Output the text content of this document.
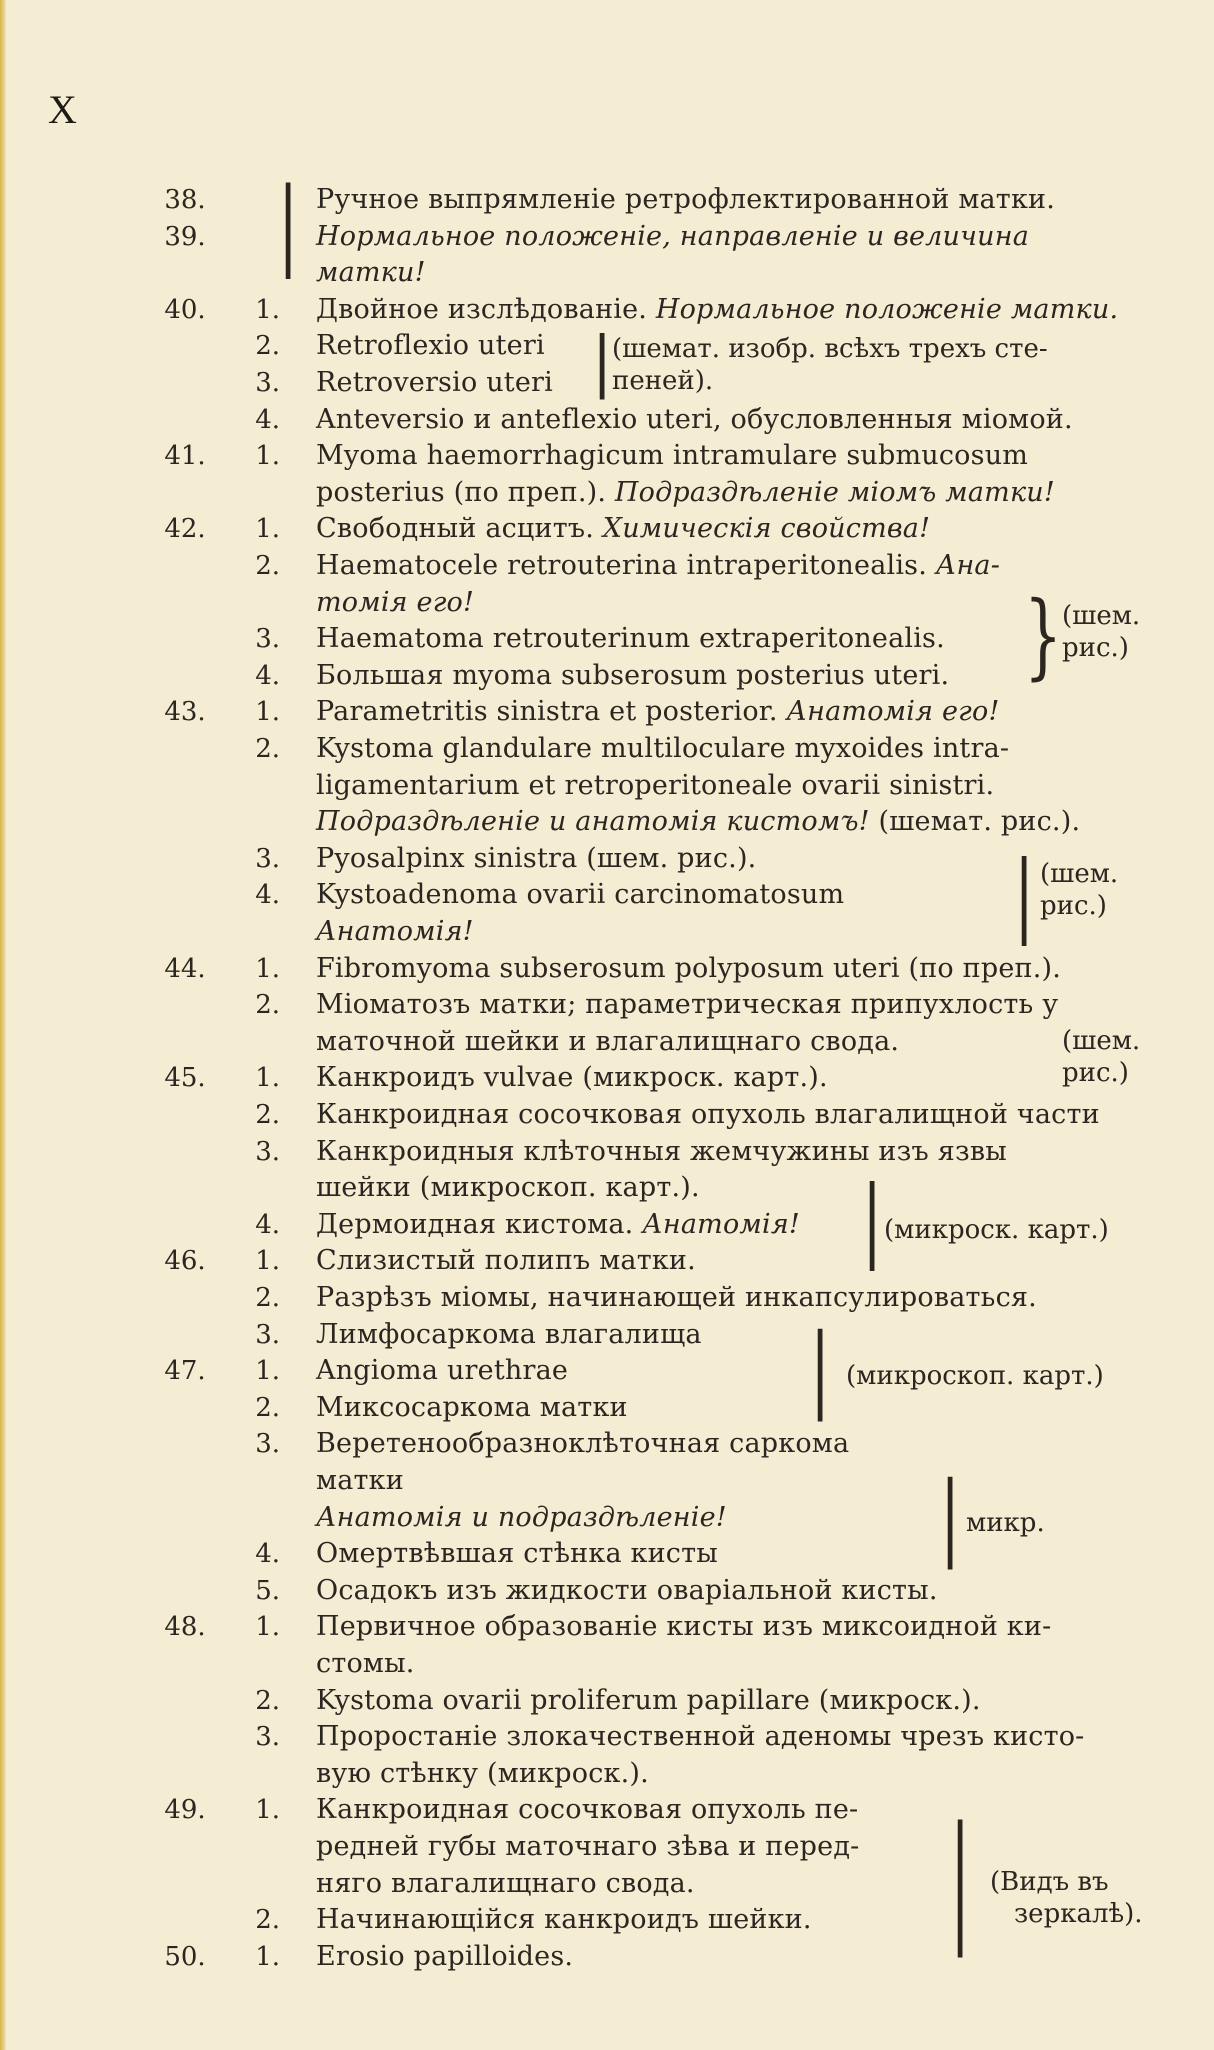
X
38.	Ручное выпрямленіе ретрофлектированной матки.
39.	Нормальное положеніе, направленіе и величина
матки!
40.	1. Двойное изслѣдованіе. Нормальное положеніе матки.
2. Retroflexio uteri
3. Retroversio uteri
4. Anteversio и anteflexio uteri, обусловленныя міомой.
41.	1. Myoma haemorrhagicum intramulare submucosum
posterius (по преп.). Подраздѣленіе міомъ матки!
42.	1. Свободный асцитъ. Химическія свойства!
2. Haematocele retrouterina intraperitonealis. Ана-
томія его!
3. Haematoma retrouterinum extraperitonealis.
4. Большая myoma subserosum posterius uteri.
43.	1. Parametritis sinistra et posterior. Анатомія его!
2. Kystoma glandulare multiloculare myxoides intra-
ligamentarium et retroperitoneale ovarii sinistri.
Подраздѣленіе и анатомія кистомъ! (шемат. рис.).
3. Pyosalpinx sinistra (шем. рис.).
4. Kystoadenoma ovarii carcinomatosum
Анатомія!
44.	1. Fibromyoma subserosum polyposum uteri (по преп.).
2. Міоматозъ матки; параметрическая припухлость у
маточной шейки и влагалищнаго свода.
45.	1. Канкроидъ vulvae (микроск. карт.).
2. Канкроидная сосочковая опухоль влагалищной части
3. Канкроидныя клѣточныя жемчужины изъ язвы
шейки (микроскоп. карт.).
4. Дермоидная кистома. Анатомія!
46.	1. Слизистый полипъ матки.
2. Разрѣзъ міомы, начинающей инкапсулироваться.
3. Лимфосаркома влагалища
47.	1. Angioma urethrae
2. Миксосаркома матки
3. Веретенообразноклѣточная саркома
матки
Анатомія и подраздѣленіе!
4. Омертвѣвшая стѣнка кисты
5. Осадокъ изъ жидкости оваріальной кисты.
48.	1. Первичное образованіе кисты изъ миксоидной ки-
стомы.
2. Kystoma ovarii proliferum papillare (микроск.).
3. Проростаніе злокачественной аденомы чрезъ кисто-
вую стѣнку (микроск.).
49.	1. Канкроидная сосочковая опухоль пе-
редней губы маточнаго зѣва и перед-
няго влагалищнаго свода.
2. Начинающійся канкроидъ шейки.
50.	1. Erosio papilloides.
|
|
}
|
|
|
|
|
(шемат. изобр. всѣхъ трехъ сте-
пеней).
(шем.
рис.)
(шем.
рис.)
(шем.
рис.)
(микроск. карт.)
(микроскоп. карт.)
микр.
(Видъ въ
зеркалѣ).
